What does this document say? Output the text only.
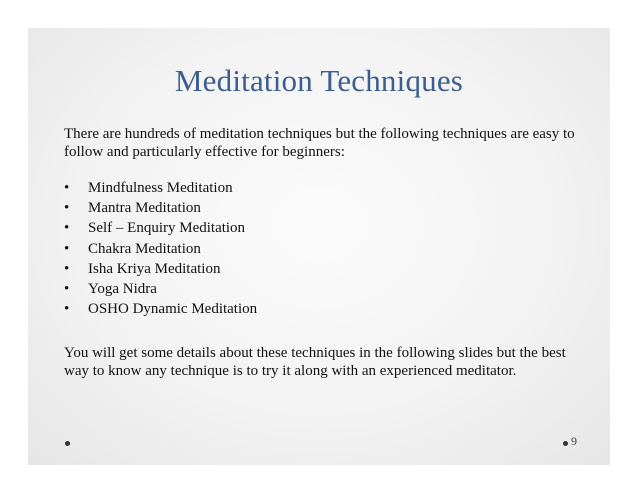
Meditation Techniques

There are hundreds of meditation techniques but the following techniques are easy to follow and particularly effective for beginners:

• Mindfulness Meditation
• Mantra Meditation
• Self – Enquiry Meditation
• Chakra Meditation
• Isha Kriya Meditation
• Yoga Nidra
• OSHO Dynamic Meditation

You will get some details about these techniques in the following slides but the best way to know any technique is to try it along with an experienced meditator.

9
